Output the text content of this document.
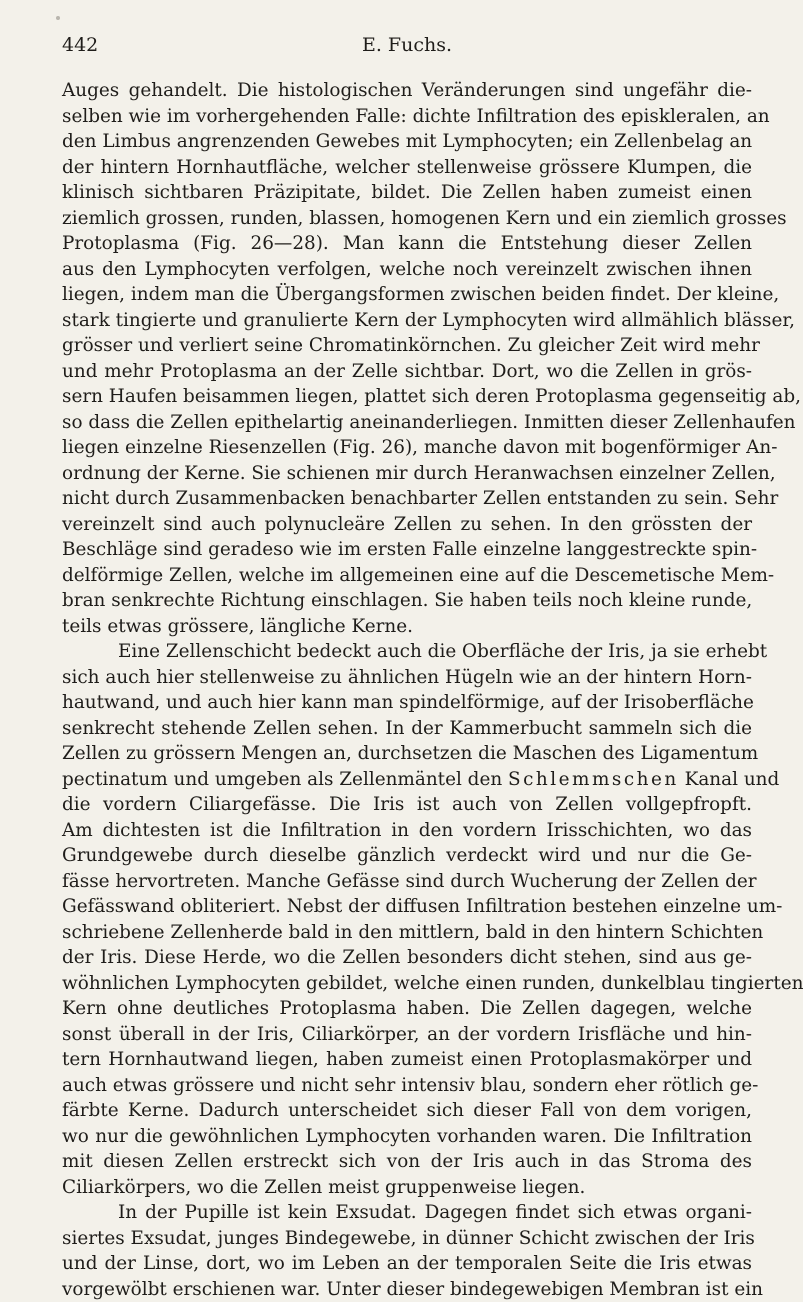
442	E. Fuchs.
Auges gehandelt. Die histologischen Veränderungen sind ungefähr die-
selben wie im vorhergehenden Falle: dichte Infiltration des episkleralen, an
den Limbus angrenzenden Gewebes mit Lymphocyten; ein Zellenbelag an
der hintern Hornhautfläche, welcher stellenweise grössere Klumpen, die
klinisch sichtbaren Präzipitate, bildet. Die Zellen haben zumeist einen
ziemlich grossen, runden, blassen, homogenen Kern und ein ziemlich grosses
Protoplasma (Fig. 26—28). Man kann die Entstehung dieser Zellen
aus den Lymphocyten verfolgen, welche noch vereinzelt zwischen ihnen
liegen, indem man die Übergangsformen zwischen beiden findet. Der kleine,
stark tingierte und granulierte Kern der Lymphocyten wird allmählich blässer,
grösser und verliert seine Chromatinkörnchen. Zu gleicher Zeit wird mehr
und mehr Protoplasma an der Zelle sichtbar. Dort, wo die Zellen in grös-
sern Haufen beisammen liegen, plattet sich deren Protoplasma gegenseitig ab,
so dass die Zellen epithelartig aneinanderliegen. Inmitten dieser Zellenhaufen
liegen einzelne Riesenzellen (Fig. 26), manche davon mit bogenförmiger An-
ordnung der Kerne. Sie schienen mir durch Heranwachsen einzelner Zellen,
nicht durch Zusammenbacken benachbarter Zellen entstanden zu sein. Sehr
vereinzelt sind auch polynucleäre Zellen zu sehen. In den grössten der
Beschläge sind geradeso wie im ersten Falle einzelne langgestreckte spin-
delförmige Zellen, welche im allgemeinen eine auf die Descemetische Mem-
bran senkrechte Richtung einschlagen. Sie haben teils noch kleine runde,
teils etwas grössere, längliche Kerne.
Eine Zellenschicht bedeckt auch die Oberfläche der Iris, ja sie erhebt
sich auch hier stellenweise zu ähnlichen Hügeln wie an der hintern Horn-
hautwand, und auch hier kann man spindelförmige, auf der Irisoberfläche
senkrecht stehende Zellen sehen. In der Kammerbucht sammeln sich die
Zellen zu grössern Mengen an, durchsetzen die Maschen des Ligamentum
pectinatum und umgeben als Zellenmäntel den Schlemmschen Kanal und
die vordern Ciliargefässe. Die Iris ist auch von Zellen vollgepfropft.
Am dichtesten ist die Infiltration in den vordern Irisschichten, wo das
Grundgewebe durch dieselbe gänzlich verdeckt wird und nur die Ge-
fässe hervortreten. Manche Gefässe sind durch Wucherung der Zellen der
Gefässwand obliteriert. Nebst der diffusen Infiltration bestehen einzelne um-
schriebene Zellenherde bald in den mittlern, bald in den hintern Schichten
der Iris. Diese Herde, wo die Zellen besonders dicht stehen, sind aus ge-
wöhnlichen Lymphocyten gebildet, welche einen runden, dunkelblau tingierten
Kern ohne deutliches Protoplasma haben. Die Zellen dagegen, welche
sonst überall in der Iris, Ciliarkörper, an der vordern Irisfläche und hin-
tern Hornhautwand liegen, haben zumeist einen Protoplasmakörper und
auch etwas grössere und nicht sehr intensiv blau, sondern eher rötlich ge-
färbte Kerne. Dadurch unterscheidet sich dieser Fall von dem vorigen,
wo nur die gewöhnlichen Lymphocyten vorhanden waren. Die Infiltration
mit diesen Zellen erstreckt sich von der Iris auch in das Stroma des
Ciliarkörpers, wo die Zellen meist gruppenweise liegen.
In der Pupille ist kein Exsudat. Dagegen findet sich etwas organi-
siertes Exsudat, junges Bindegewebe, in dünner Schicht zwischen der Iris
und der Linse, dort, wo im Leben an der temporalen Seite die Iris etwas
vorgewölbt erschienen war. Unter dieser bindegewebigen Membran ist ein
